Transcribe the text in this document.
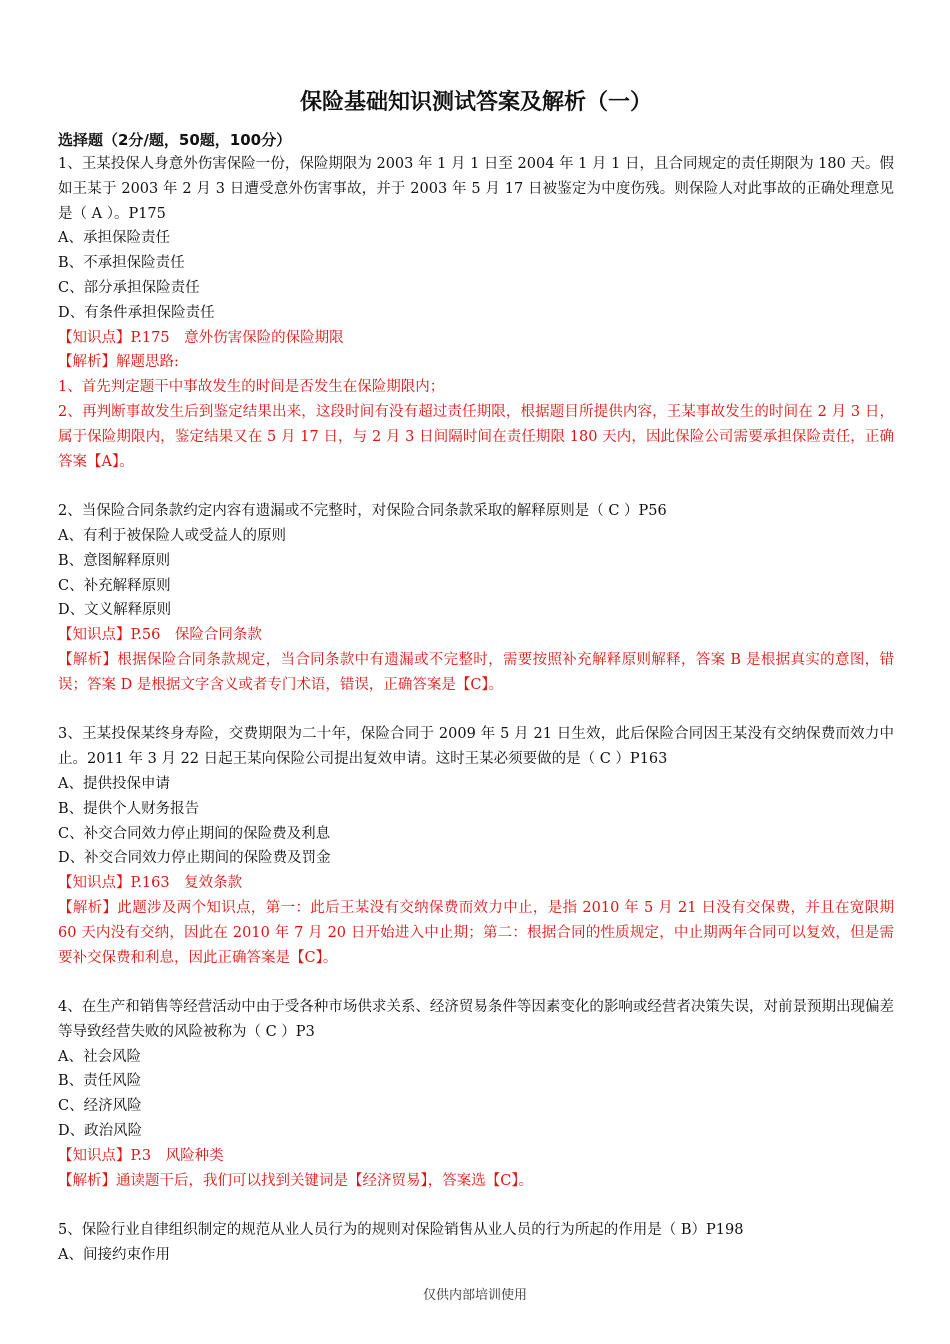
保险基础知识测试答案及解析（一）
选择题（2分/题，50题，100分）
1、王某投保人身意外伤害保险一份，保险期限为 2003 年 1 月 1 日至 2004 年 1 月 1 日，且合同规定的责任期限为 180 天。假如王某于 2003 年 2 月 3 日遭受意外伤害事故，并于 2003 年 5 月 17 日被鉴定为中度伤残。则保险人对此事故的正确处理意见是（ A ）。P175
A、承担保险责任
B、不承担保险责任
C、部分承担保险责任
D、有条件承担保险责任
【知识点】P.175　意外伤害保险的保险期限
【解析】解题思路:
1、首先判定题干中事故发生的时间是否发生在保险期限内；
2、再判断事故发生后到鉴定结果出来，这段时间有没有超过责任期限，根据题目所提供内容，王某事故发生的时间在 2 月 3 日，属于保险期限内，鉴定结果又在 5 月 17 日，与 2 月 3 日间隔时间在责任期限 180 天内，因此保险公司需要承担保险责任，正确答案【A】。
2、当保险合同条款约定内容有遗漏或不完整时，对保险合同条款采取的解释原则是（ C ）P56
A、有利于被保险人或受益人的原则
B、意图解释原则
C、补充解释原则
D、文义解释原则
【知识点】P.56　保险合同条款
【解析】根据保险合同条款规定，当合同条款中有遗漏或不完整时，需要按照补充解释原则解释，答案 B 是根据真实的意图，错误；答案 D 是根据文字含义或者专门术语，错误，正确答案是【C】。
3、王某投保某终身寿险，交费期限为二十年，保险合同于 2009 年 5 月 21 日生效，此后保险合同因王某没有交纳保费而效力中止。2011 年 3 月 22 日起王某向保险公司提出复效申请。这时王某必须要做的是（ C ）P163
A、提供投保申请
B、提供个人财务报告
C、补交合同效力停止期间的保险费及利息
D、补交合同效力停止期间的保险费及罚金
【知识点】P.163　复效条款
【解析】此题涉及两个知识点，第一：此后王某没有交纳保费而效力中止，是指 2010 年 5 月 21 日没有交保费，并且在宽限期 60 天内没有交纳，因此在 2010 年 7 月 20 日开始进入中止期；第二：根据合同的性质规定，中止期两年合同可以复效，但是需要补交保费和利息，因此正确答案是【C】。
4、在生产和销售等经营活动中由于受各种市场供求关系、经济贸易条件等因素变化的影响或经营者决策失误，对前景预期出现偏差等导致经营失败的风险被称为（ C ）P3
A、社会风险
B、责任风险
C、经济风险
D、政治风险
【知识点】P.3　风险种类
【解析】通读题干后，我们可以找到关键词是【经济贸易】，答案选【C】。
5、保险行业自律组织制定的规范从业人员行为的规则对保险销售从业人员的行为所起的作用是（ B）P198
A、间接约束作用
仅供内部培训使用
